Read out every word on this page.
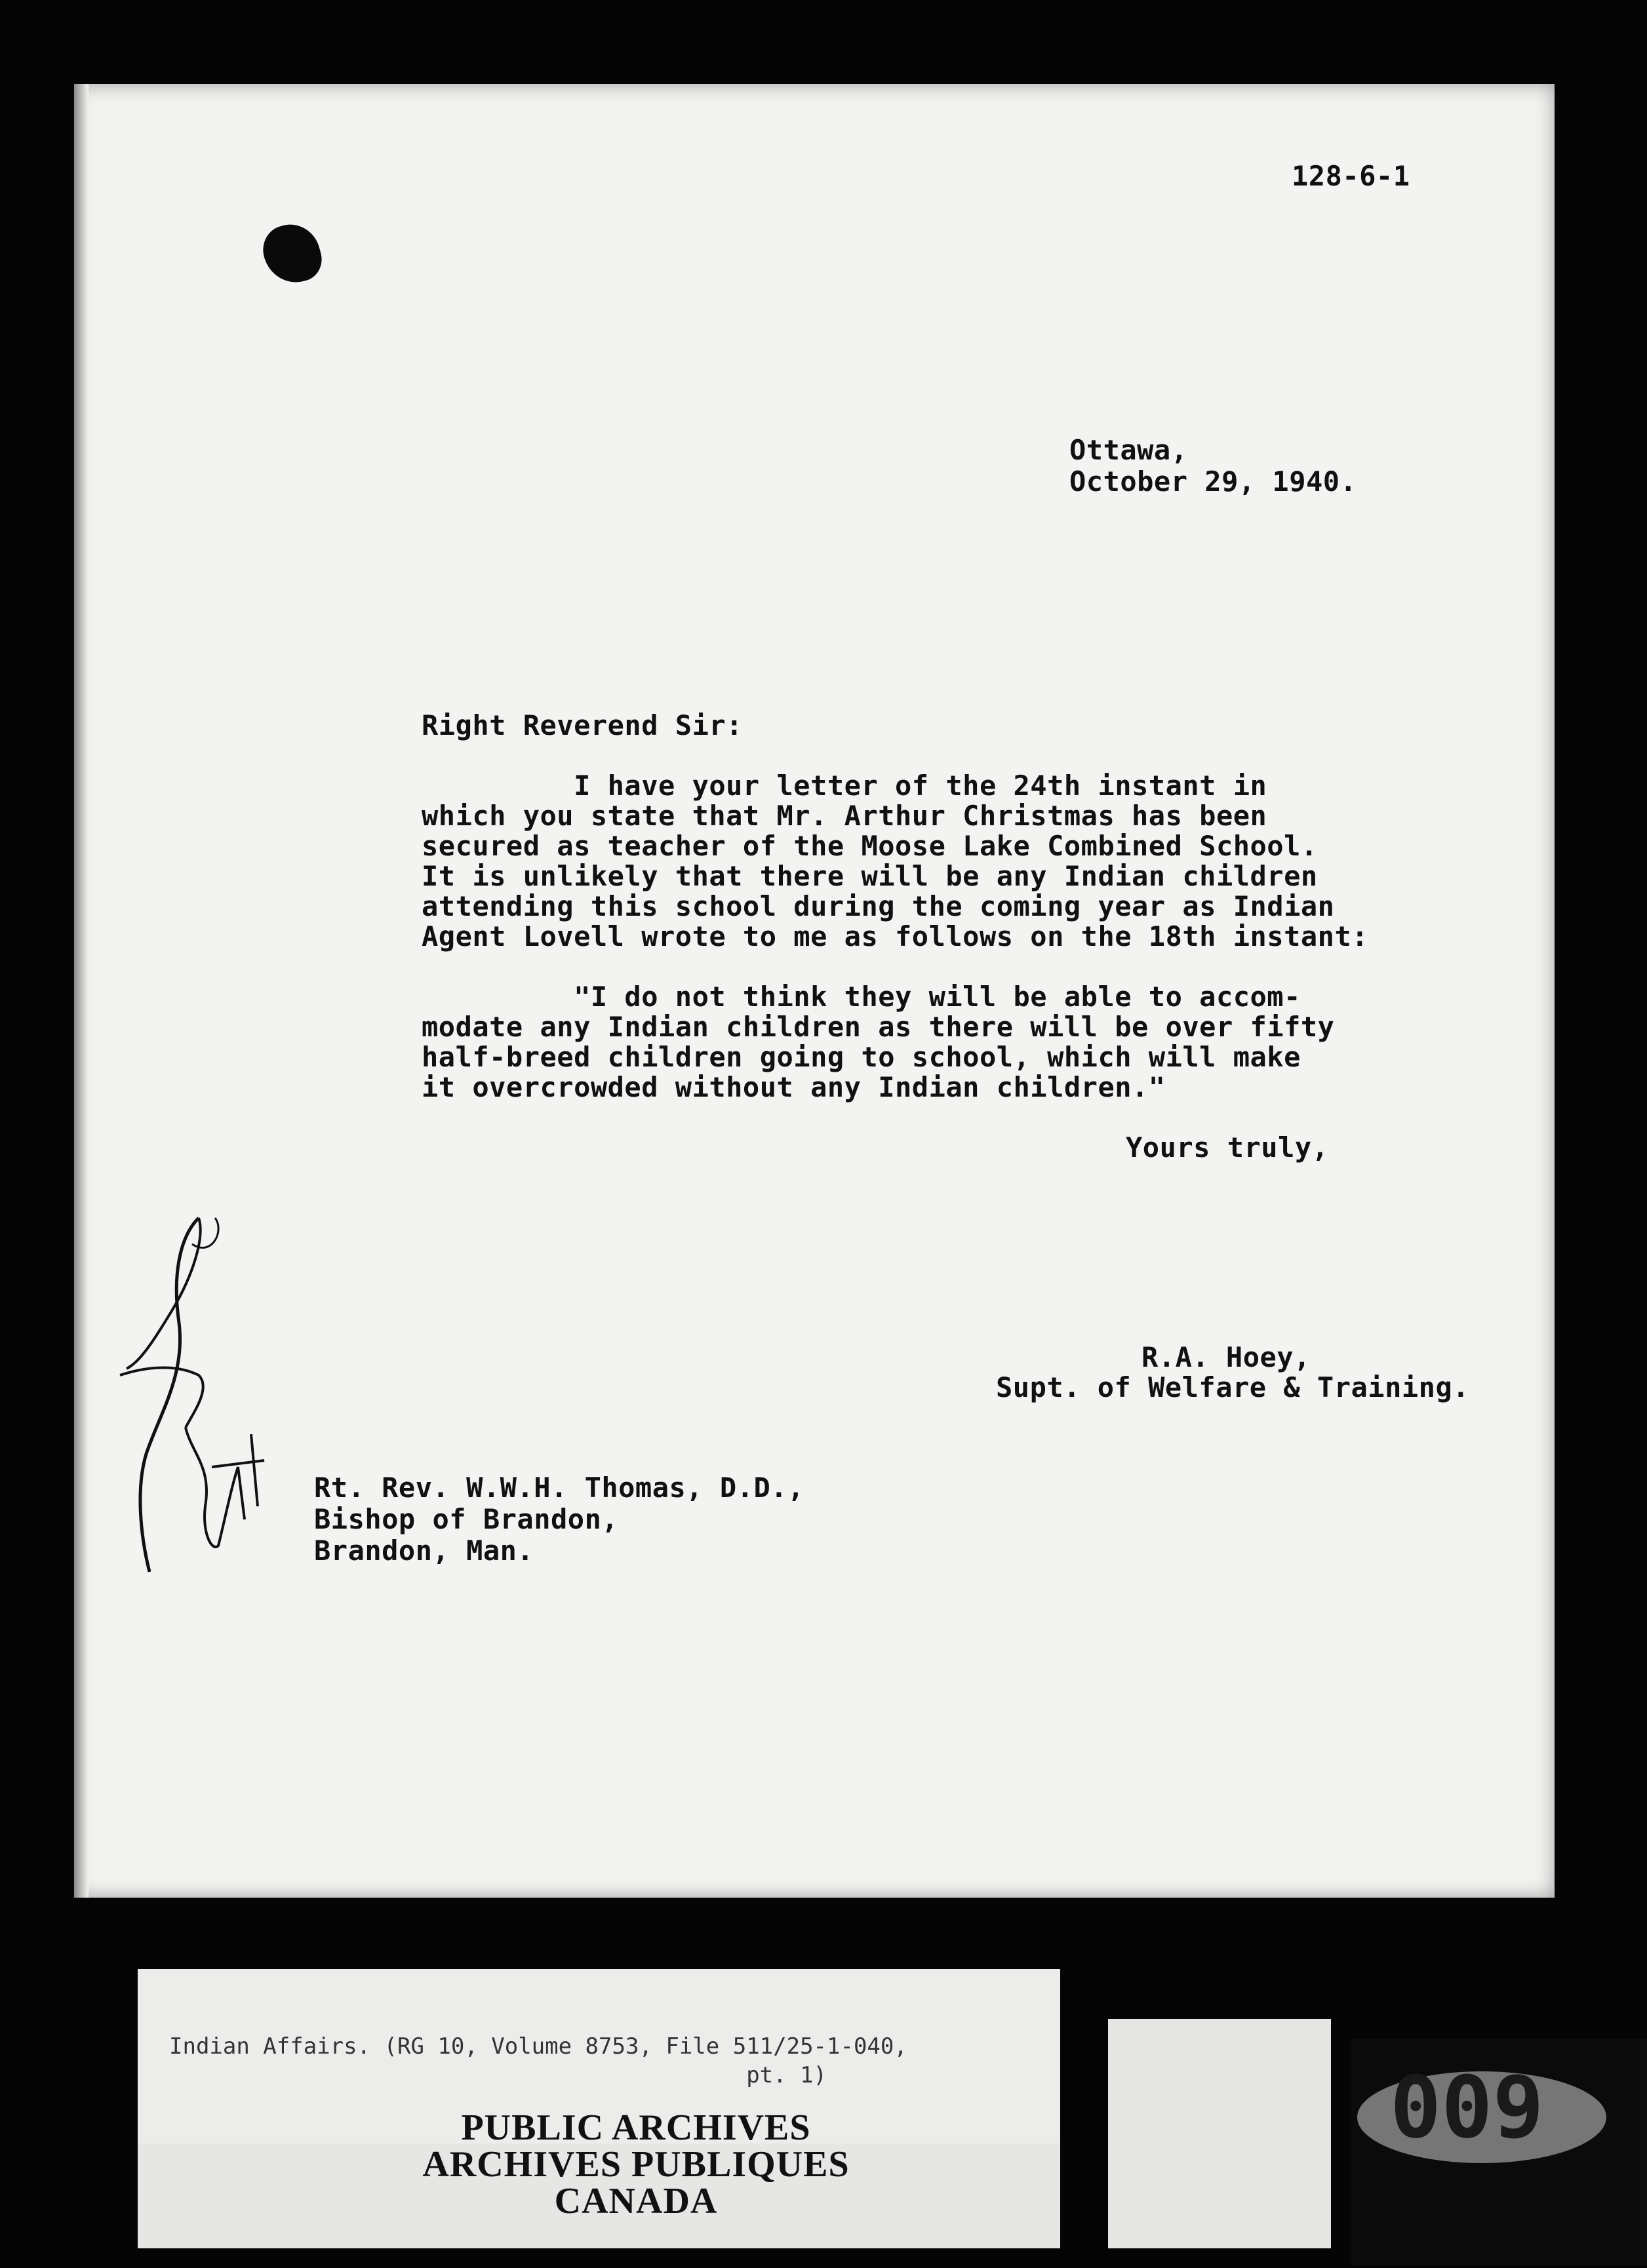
128-6-1
Ottawa,
October 29, 1940.
Right Reverend Sir:
I have your letter of the 24th instant in
which you state that Mr. Arthur Christmas has been
secured as teacher of the Moose Lake Combined School.
It is unlikely that there will be any Indian children
attending this school during the coming year as Indian
Agent Lovell wrote to me as follows on the 18th instant:
"I do not think they will be able to accom-
modate any Indian children as there will be over fifty
half-breed children going to school, which will make
it overcrowded without any Indian children."
Yours truly,
R.A. Hoey,
Supt. of Welfare & Training.
Rt. Rev. W.W.H. Thomas, D.D.,
Bishop of Brandon,
Brandon, Man.
Indian Affairs. (RG 10, Volume 8753, File 511/25-1-040,
pt. 1)
PUBLIC ARCHIVES
ARCHIVES PUBLIQUES
CANADA
009
